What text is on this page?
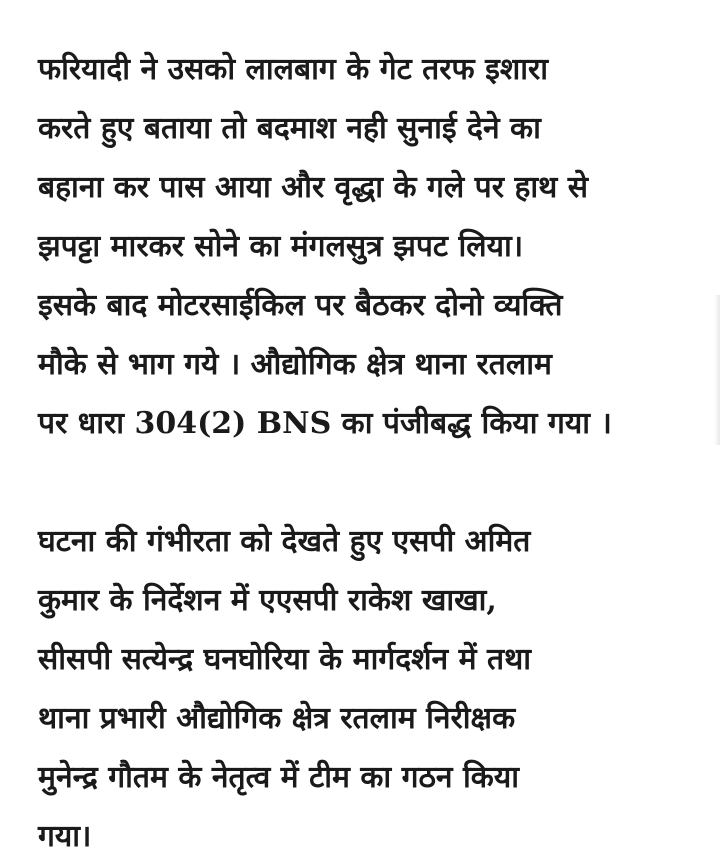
फरियादी ने उसको लालबाग के गेट तरफ इशारा
करते हुए बताया तो बदमाश नही सुनाई देने का
बहाना कर पास आया और वृद्धा के गले पर हाथ से
झपट्टा मारकर सोने का मंगलसुत्र झपट लिया।
इसके बाद मोटरसाईकिल पर बैठकर दोनो व्यक्ति
मौके से भाग गये । औद्योगिक क्षेत्र थाना रतलाम
पर धारा 304(2) BNS का पंजीबद्ध किया गया ।

घटना की गंभीरता को देखते हुए एसपी अमित
कुमार के निर्देशन में एएसपी राकेश खाखा,
सीसपी सत्येन्द्र घनघोरिया के मार्गदर्शन में तथा
थाना प्रभारी औद्योगिक क्षेत्र रतलाम निरीक्षक
मुनेन्द्र गौतम के नेतृत्व में टीम का गठन किया
गया।
